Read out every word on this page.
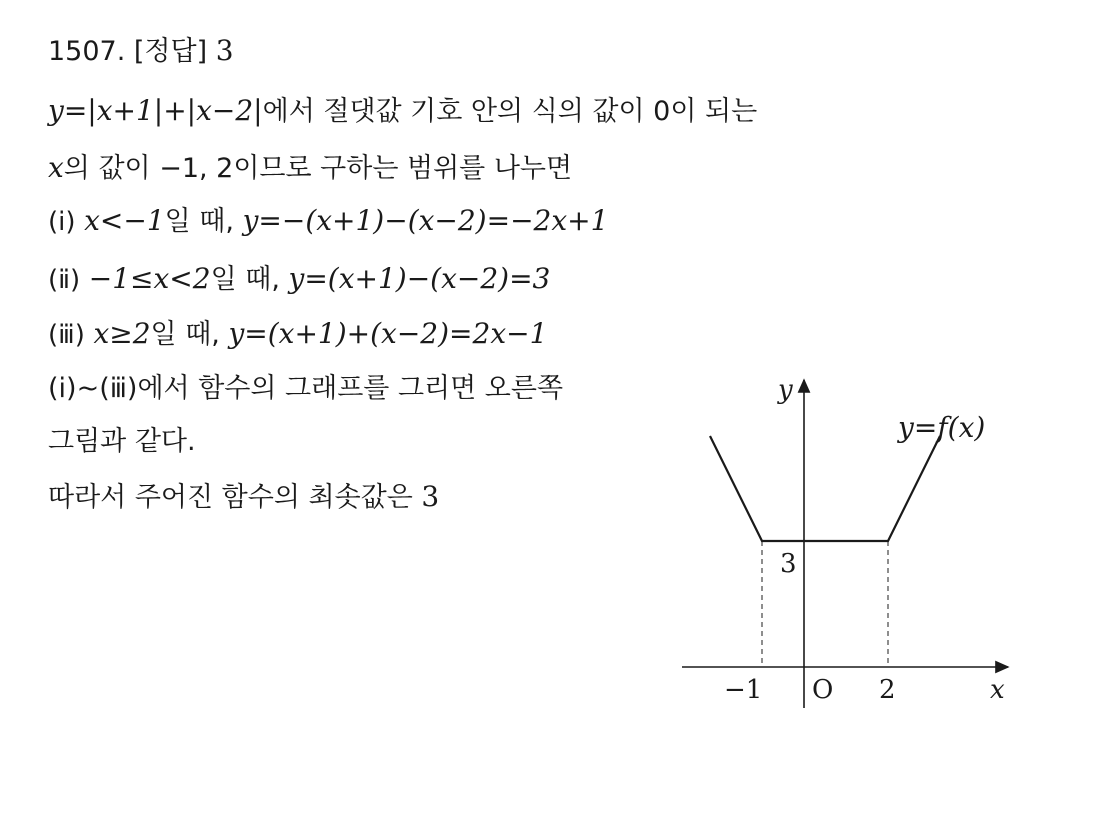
1507. [정답] 3
y=|x+1|+|x−2|에서 절댓값 기호 안의 식의 값이 0이 되는
x의 값이 −1, 2이므로 구하는 범위를 나누면
(ⅰ) x<−1일 때, y=−(x+1)−(x−2)=−2x+1
(ⅱ) −1≤x<2일 때, y=(x+1)−(x−2)=3
(ⅲ) x≥2일 때, y=(x+1)+(x−2)=2x−1
(ⅰ)~(ⅲ)에서 함수의 그래프를 그리면 오른쪽
그림과 같다.
따라서 주어진 함수의 최솟값은 3
y
y=f(x)
3
−1 O 2	x
